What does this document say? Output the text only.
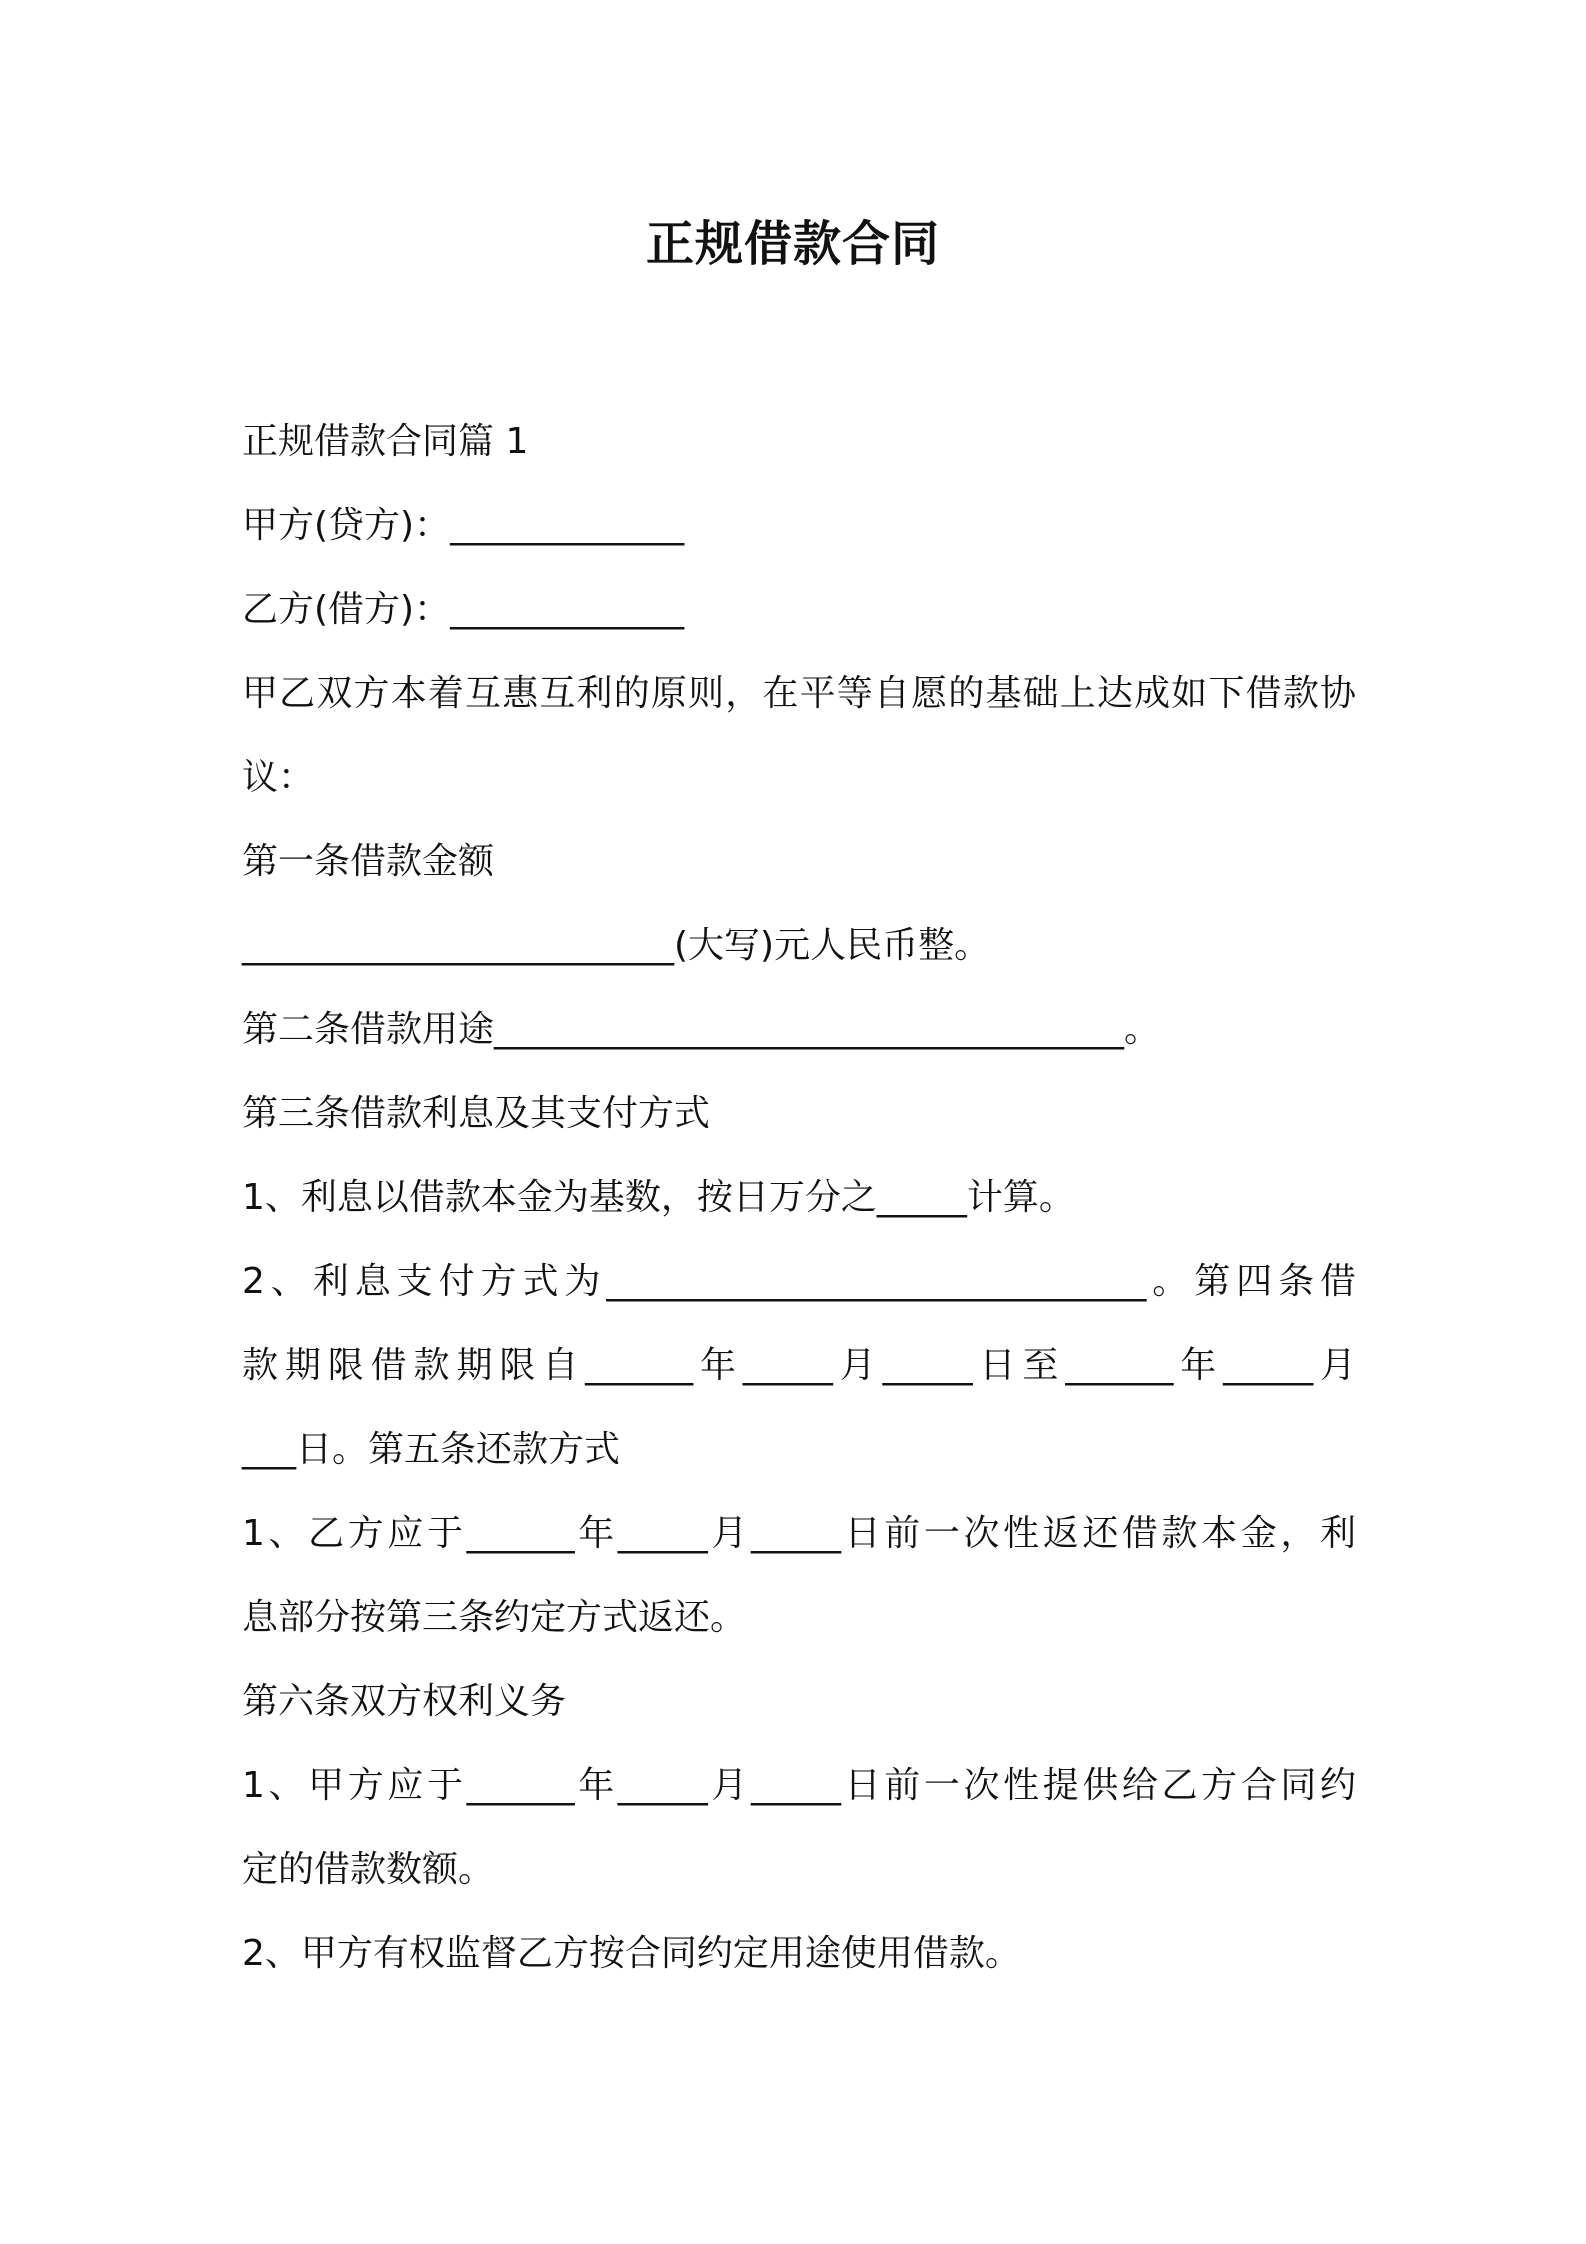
正规借款合同

正规借款合同篇 1

甲方(贷方)：_____________

乙方(借方)：_____________

甲乙双方本着互惠互利的原则，在平等自愿的基础上达成如下借款协

议：

第一条借款金额

________________________(大写)元人民币整。

第二条借款用途___________________________________。

第三条借款利息及其支付方式

1、利息以借款本金为基数，按日万分之_____计算。

2、利息支付方式为______________________________。第四条借

款期限借款期限自______年_____月_____日至______年_____月

___日。第五条还款方式

1、乙方应于______年_____月_____日前一次性返还借款本金，利

息部分按第三条约定方式返还。

第六条双方权利义务

1、甲方应于______年_____月_____日前一次性提供给乙方合同约

定的借款数额。

2、甲方有权监督乙方按合同约定用途使用借款。
